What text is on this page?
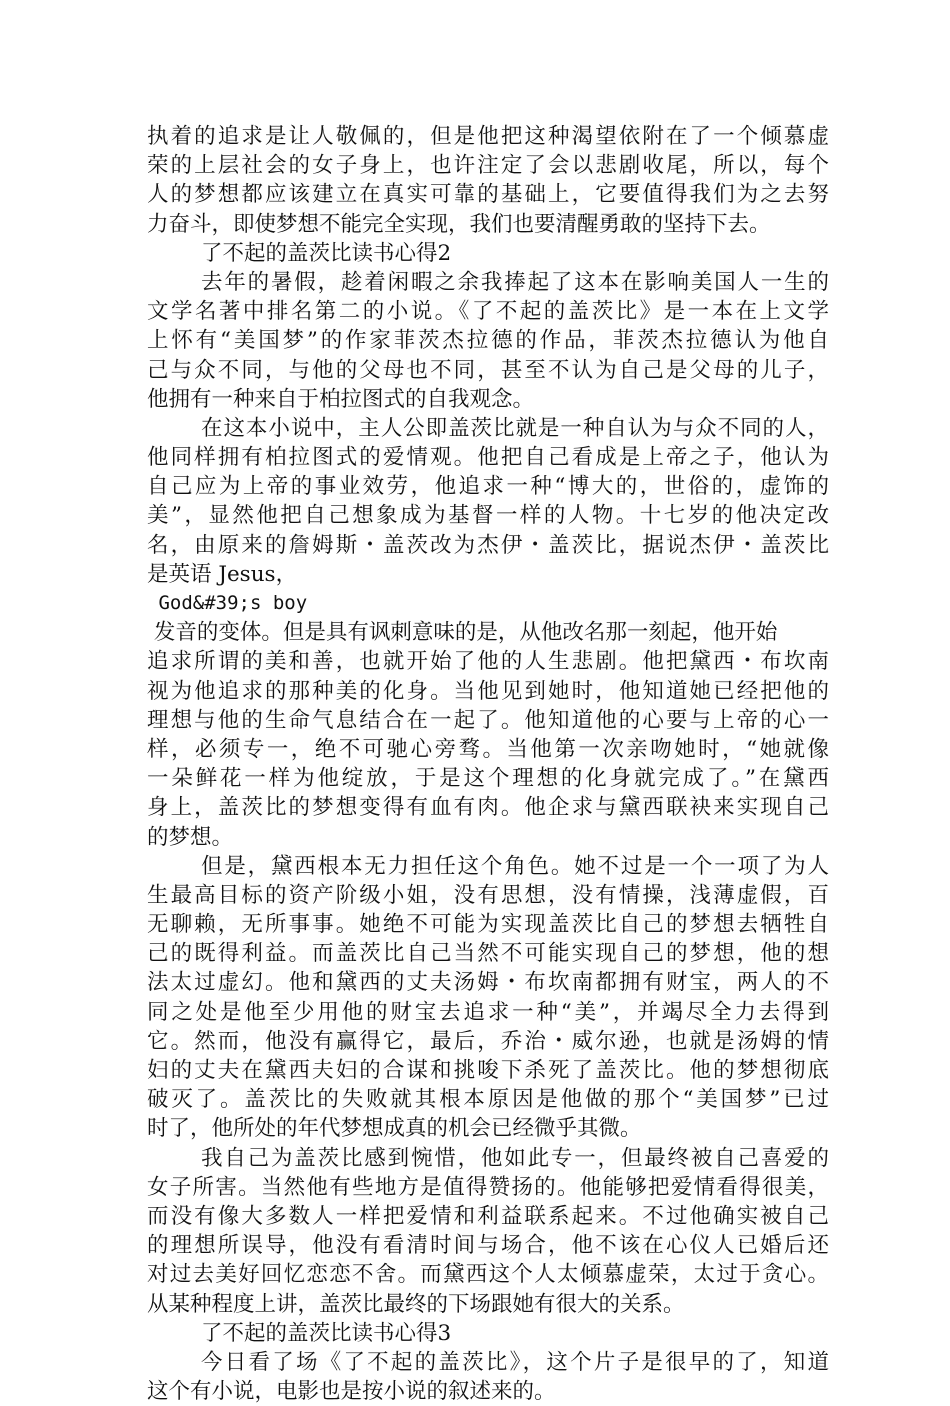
执着的追求是让人敬佩的，但是他把这种渴望依附在了一个倾慕虚
荣的上层社会的女子身上，也许注定了会以悲剧收尾，所以，每个
人的梦想都应该建立在真实可靠的基础上，它要值得我们为之去努
力奋斗，即使梦想不能完全实现，我们也要清醒勇敢的坚持下去。
了不起的盖茨比读书心得2
去年的暑假，趁着闲暇之余我捧起了这本在影响美国人一生的
文学名著中排名第二的小说。《了不起的盖茨比》是一本在上文学
上怀有“美国梦”的作家菲茨杰拉德的作品，菲茨杰拉德认为他自
己与众不同，与他的父母也不同，甚至不认为自己是父母的儿子，
他拥有一种来自于柏拉图式的自我观念。
在这本小说中，主人公即盖茨比就是一种自认为与众不同的人，
他同样拥有柏拉图式的爱情观。他把自己看成是上帝之子，他认为
自己应为上帝的事业效劳，他追求一种“博大的，世俗的，虚饰的
美”，显然他把自己想象成为基督一样的人物。十七岁的他决定改
名，由原来的詹姆斯・盖茨改为杰伊・盖茨比，据说杰伊・盖茨比
是英语 Jesus，
God&#39;s boy
发音的变体。但是具有讽刺意味的是，从他改名那一刻起，他开始
追求所谓的美和善，也就开始了他的人生悲剧。他把黛西・布坎南
视为他追求的那种美的化身。当他见到她时，他知道她已经把他的
理想与他的生命气息结合在一起了。他知道他的心要与上帝的心一
样，必须专一，绝不可驰心旁骛。当他第一次亲吻她时，“她就像
一朵鲜花一样为他绽放，于是这个理想的化身就完成了。”在黛西
身上，盖茨比的梦想变得有血有肉。他企求与黛西联袂来实现自己
的梦想。
但是，黛西根本无力担任这个角色。她不过是一个一项了为人
生最高目标的资产阶级小姐，没有思想，没有情操，浅薄虚假，百
无聊赖，无所事事。她绝不可能为实现盖茨比自己的梦想去牺牲自
己的既得利益。而盖茨比自己当然不可能实现自己的梦想，他的想
法太过虚幻。他和黛西的丈夫汤姆・布坎南都拥有财宝，两人的不
同之处是他至少用他的财宝去追求一种“美”，并竭尽全力去得到
它。然而，他没有赢得它，最后，乔治・威尔逊，也就是汤姆的情
妇的丈夫在黛西夫妇的合谋和挑唆下杀死了盖茨比。他的梦想彻底
破灭了。盖茨比的失败就其根本原因是他做的那个“美国梦”已过
时了，他所处的年代梦想成真的机会已经微乎其微。
我自己为盖茨比感到惋惜，他如此专一，但最终被自己喜爱的
女子所害。当然他有些地方是值得赞扬的。他能够把爱情看得很美，
而没有像大多数人一样把爱情和利益联系起来。不过他确实被自己
的理想所误导，他没有看清时间与场合，他不该在心仪人已婚后还
对过去美好回忆恋恋不舍。而黛西这个人太倾慕虚荣，太过于贪心。
从某种程度上讲，盖茨比最终的下场跟她有很大的关系。
了不起的盖茨比读书心得3
今日看了场《了不起的盖茨比》，这个片子是很早的了，知道
这个有小说，电影也是按小说的叙述来的。
